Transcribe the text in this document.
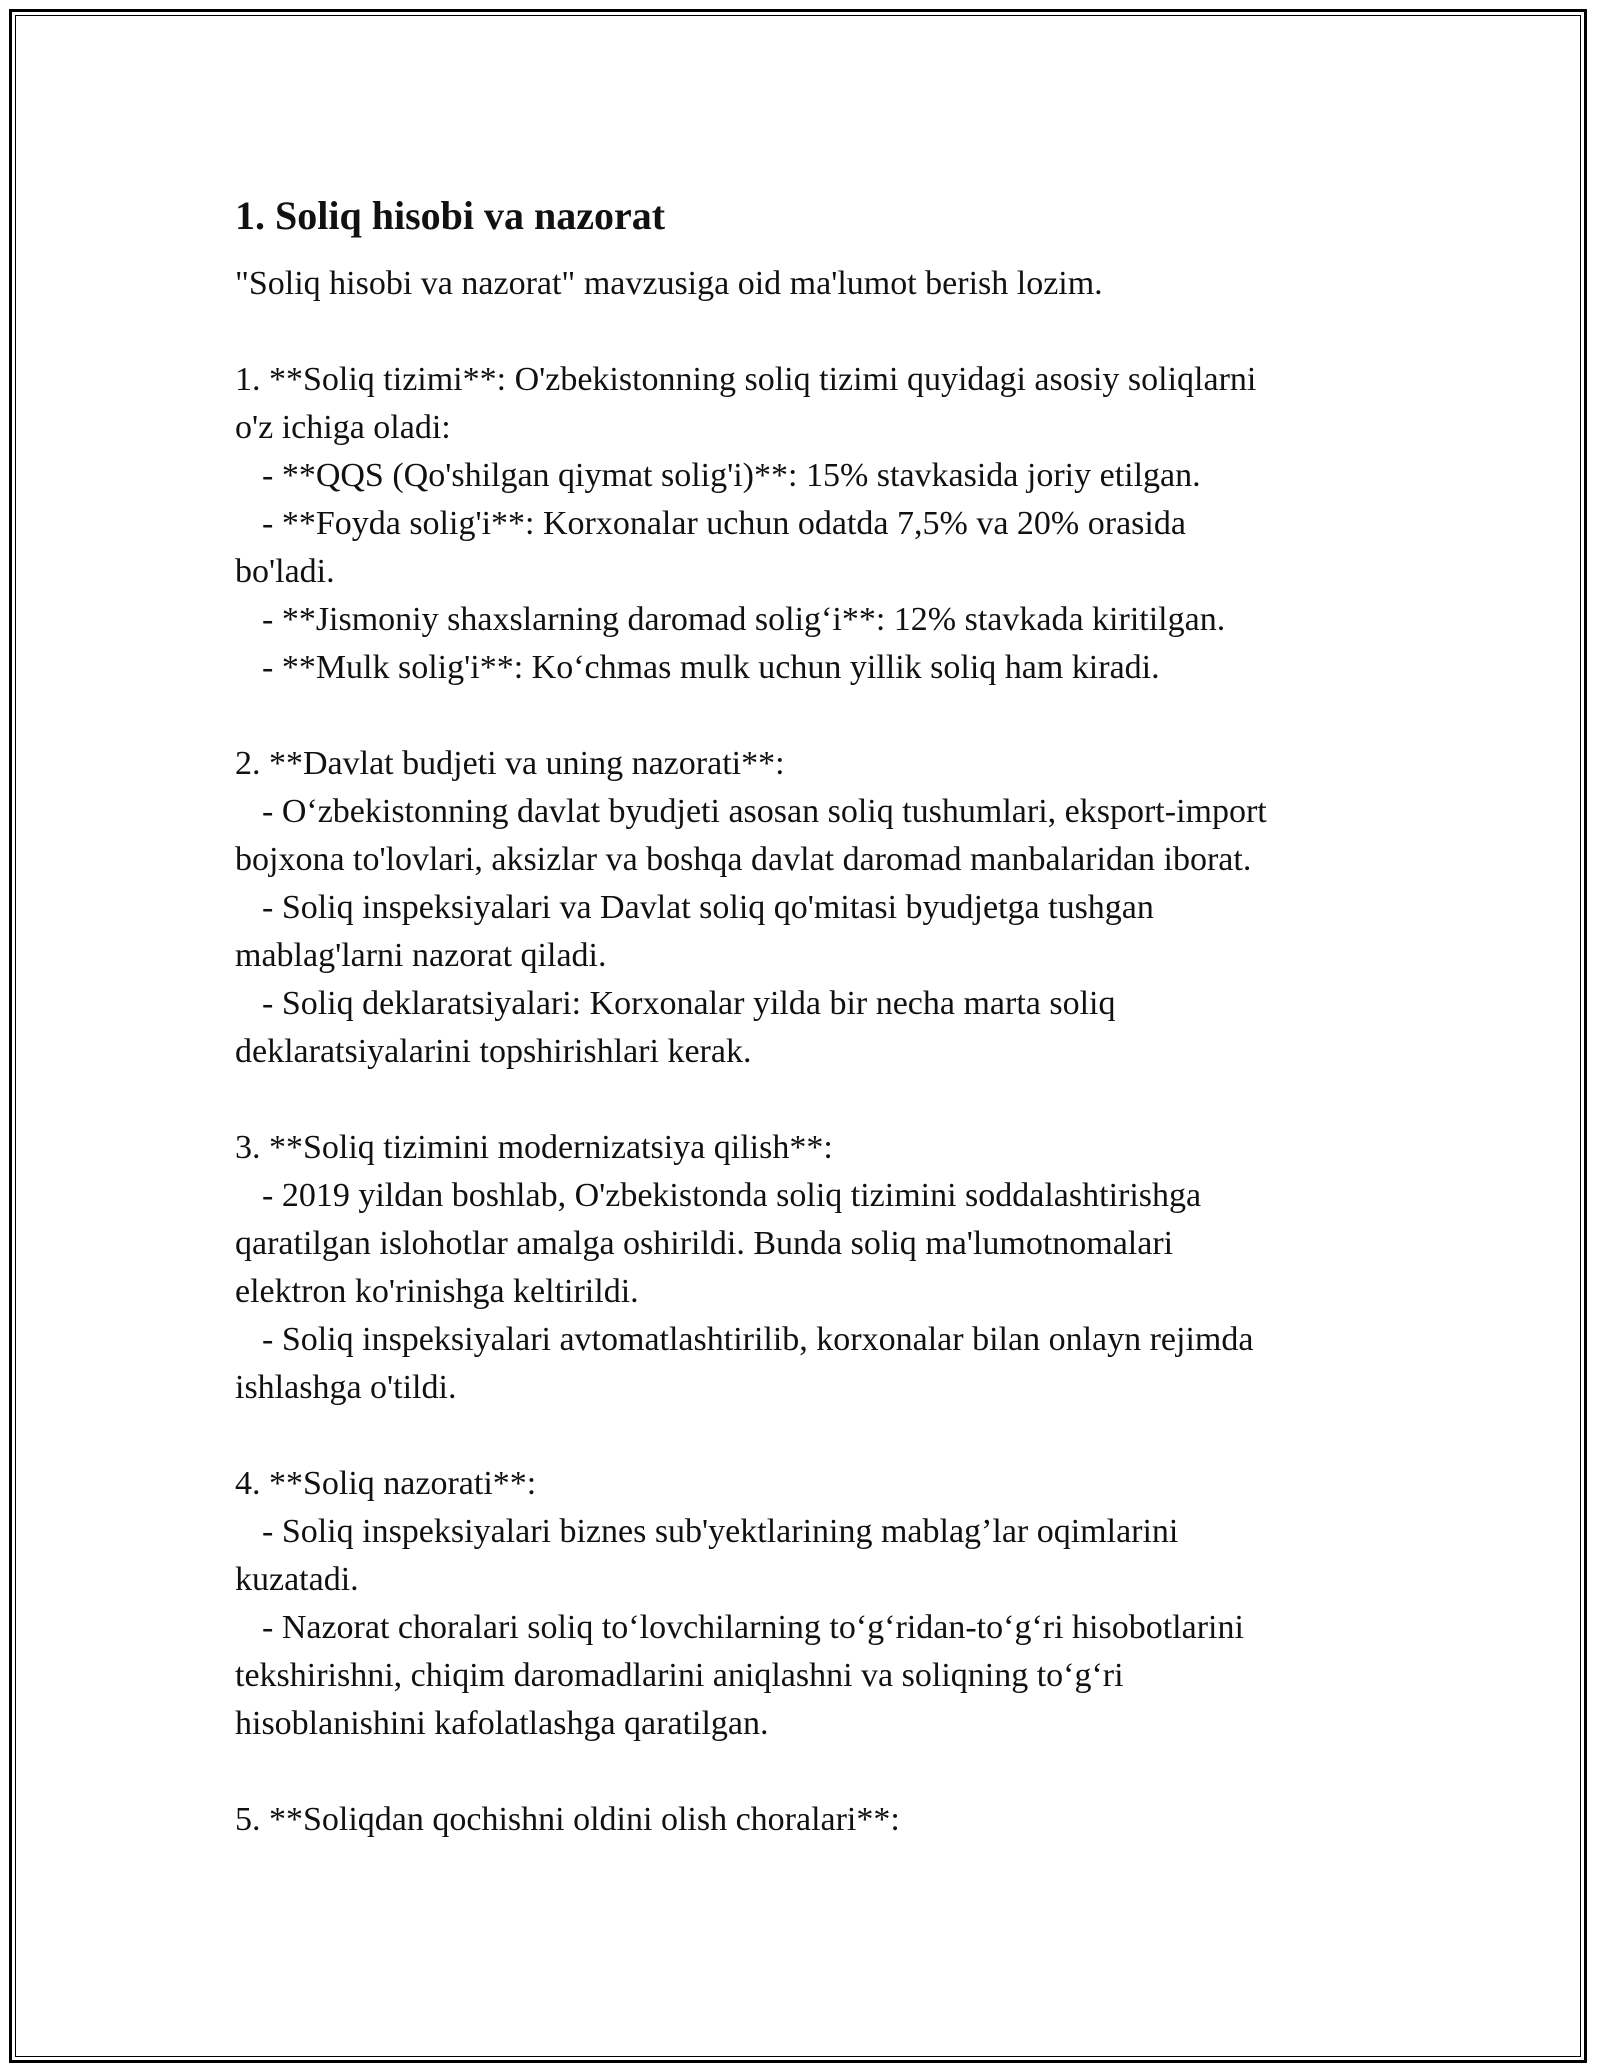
1. Soliq hisobi va nazorat

"Soliq hisobi va nazorat" mavzusiga oid ma'lumot berish lozim.

1. **Soliq tizimi**: O'zbekistonning soliq tizimi quyidagi asosiy soliqlarni

o'z ichiga oladi:

- **QQS (Qo'shilgan qiymat solig'i)**: 15% stavkasida joriy etilgan.

- **Foyda solig'i**: Korxonalar uchun odatda 7,5% va 20% orasida

bo'ladi.

- **Jismoniy shaxslarning daromad solig‘i**: 12% stavkada kiritilgan.

- **Mulk solig'i**: Ko‘chmas mulk uchun yillik soliq ham kiradi.

2. **Davlat budjeti va uning nazorati**:

- O‘zbekistonning davlat byudjeti asosan soliq tushumlari, eksport-import

bojxona to'lovlari, aksizlar va boshqa davlat daromad manbalaridan iborat.

- Soliq inspeksiyalari va Davlat soliq qo'mitasi byudjetga tushgan

mablag'larni nazorat qiladi.

- Soliq deklaratsiyalari: Korxonalar yilda bir necha marta soliq

deklaratsiyalarini topshirishlari kerak.

3. **Soliq tizimini modernizatsiya qilish**:

- 2019 yildan boshlab, O'zbekistonda soliq tizimini soddalashtirishga

qaratilgan islohotlar amalga oshirildi. Bunda soliq ma'lumotnomalari

elektron ko'rinishga keltirildi.

- Soliq inspeksiyalari avtomatlashtirilib, korxonalar bilan onlayn rejimda

ishlashga o'tildi.

4. **Soliq nazorati**:

- Soliq inspeksiyalari biznes sub'yektlarining mablag’lar oqimlarini

kuzatadi.

- Nazorat choralari soliq to‘lovchilarning to‘g‘ridan-to‘g‘ri hisobotlarini

tekshirishni, chiqim daromadlarini aniqlashni va soliqning to‘g‘ri

hisoblanishini kafolatlashga qaratilgan.

5. **Soliqdan qochishni oldini olish choralari**:
